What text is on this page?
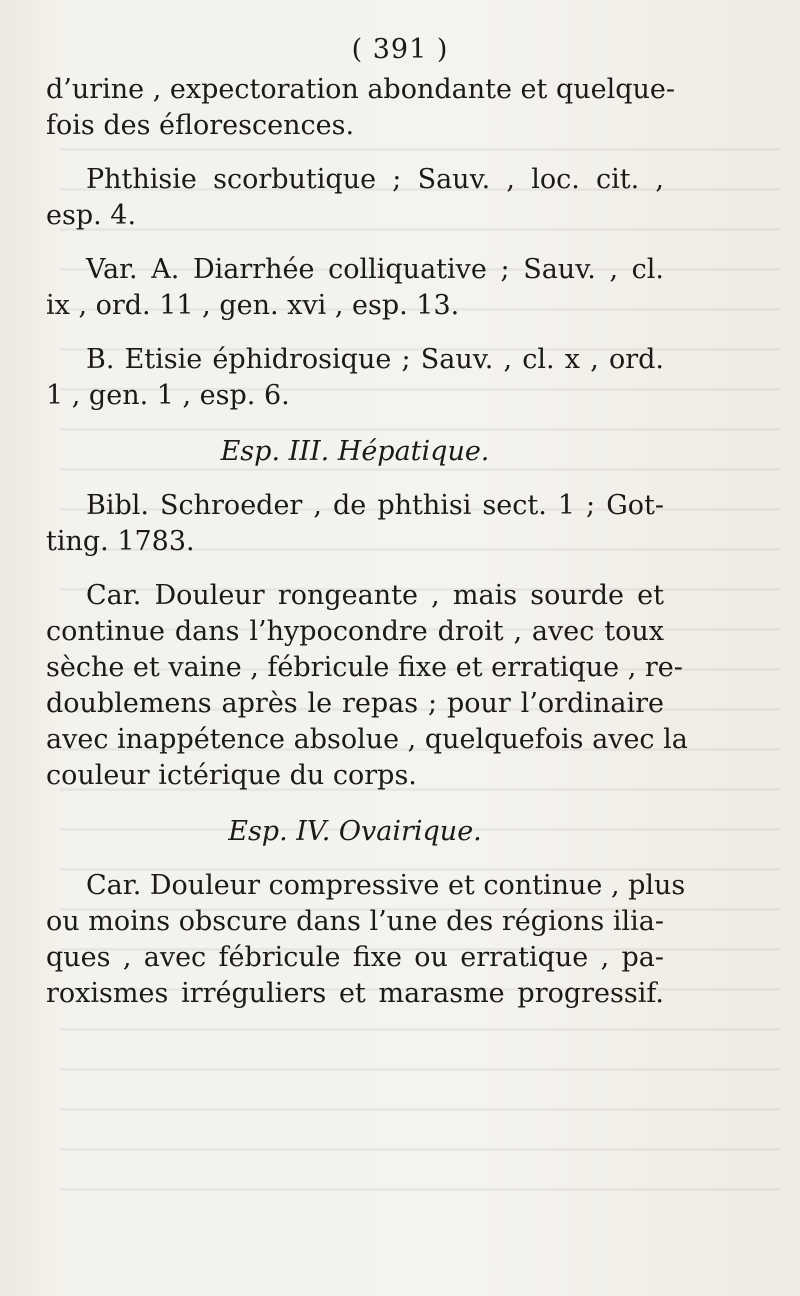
( 391 )
d’urine , expectoration abondante et quelque-
fois des éflorescences.
Phthisie scorbutique ; Sauv. , loc. cit. ,
esp. 4.
Var. A. Diarrhée colliquative ; Sauv. , cl.
ix , ord. 11 , gen. xvi , esp. 13.
B. Etisie éphidrosique ; Sauv. , cl. x , ord.
1 , gen. 1 , esp. 6.
Esp. III. Hépatique.
Bibl. Schroeder , de phthisi sect. 1 ; Got-
ting. 1783.
Car. Douleur rongeante , mais sourde et
continue dans l’hypocondre droit , avec toux
sèche et vaine , fébricule fixe et erratique , re-
doublemens après le repas ; pour l’ordinaire
avec inappétence absolue , quelquefois avec la
couleur ictérique du corps.
Esp. IV. Ovairique.
Car. Douleur compressive et continue , plus
ou moins obscure dans l’une des régions ilia-
ques , avec fébricule fixe ou erratique , pa-
roxismes irréguliers et marasme progressif.
